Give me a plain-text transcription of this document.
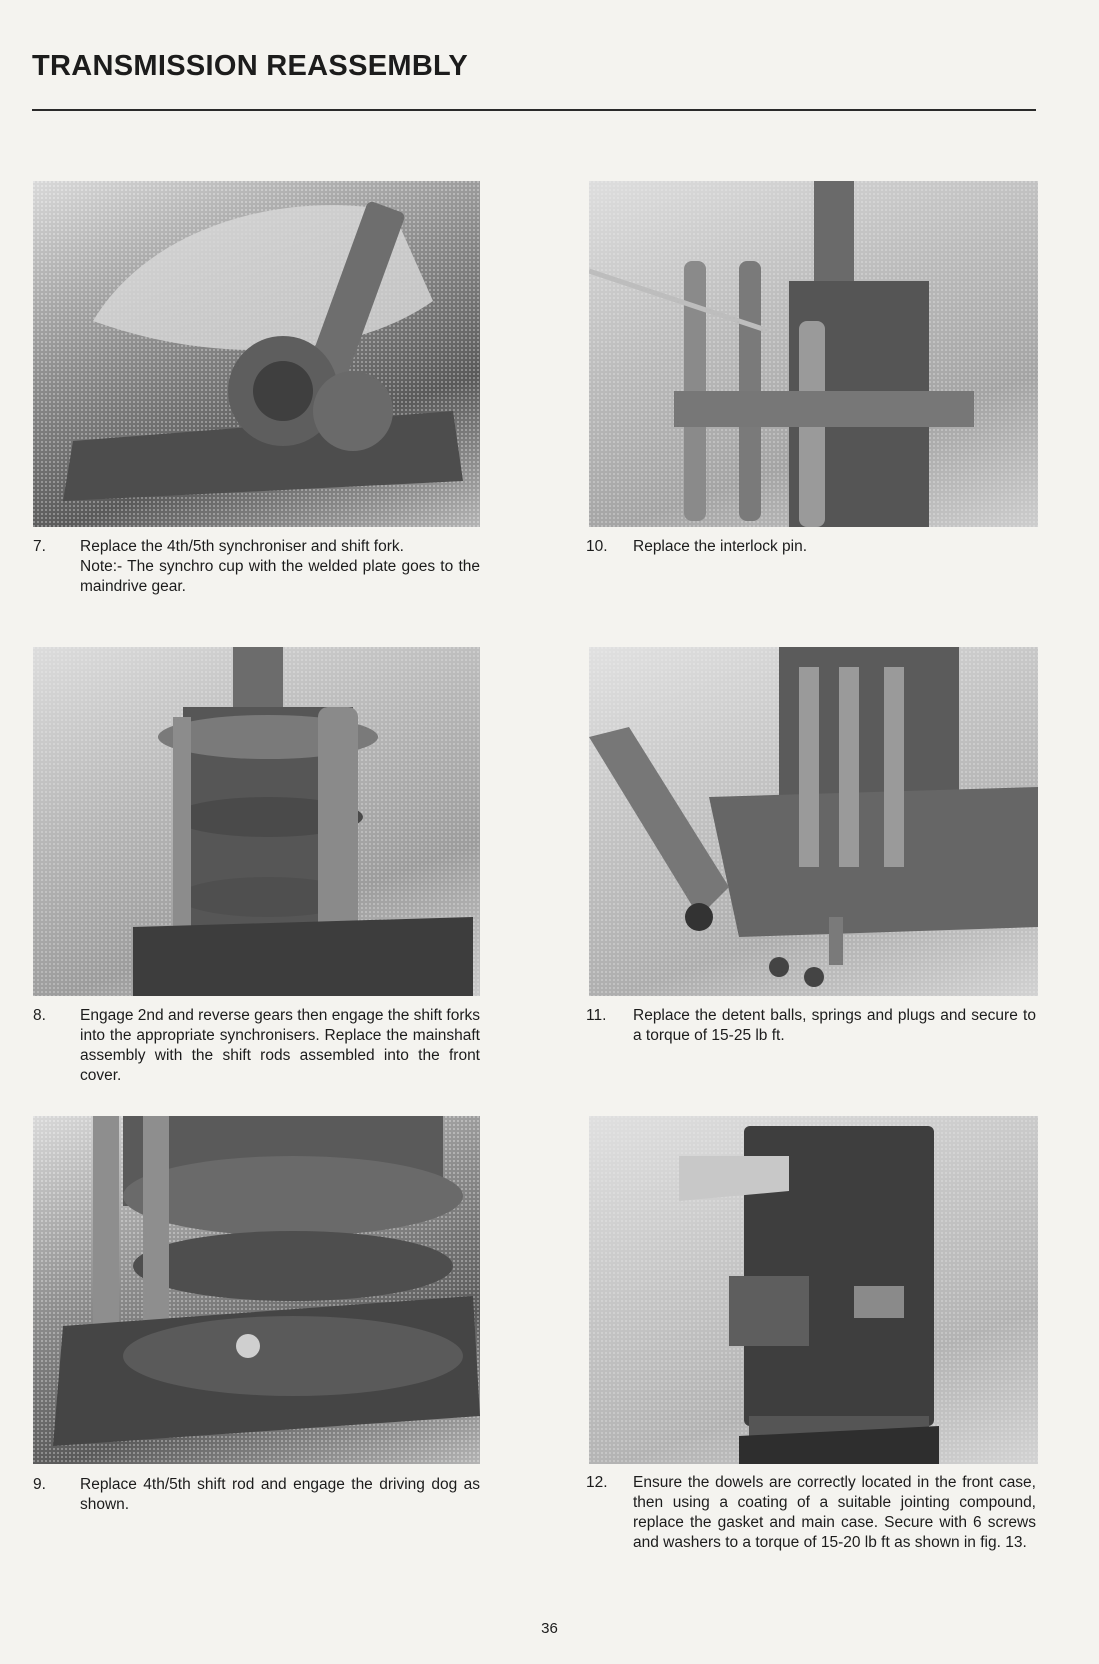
TRANSMISSION REASSEMBLY
7.	Replace the 4th/5th synchroniser and shift fork.

Note:- The synchro cup with the welded plate goes to the maindrive gear.

10.	Replace the interlock pin.

8.	Engage 2nd and reverse gears then engage the shift forks into the appropriate synchronisers. Replace the mainshaft assembly with the shift rods assembled into the front cover.

11.	Replace the detent balls, springs and plugs and secure to a torque of 15-25 lb ft.

9.	Replace 4th/5th shift rod and engage the driving dog as shown.

12.	Ensure the dowels are correctly located in the front case, then using a coating of a suitable jointing compound, replace the gasket and main case. Secure with 6 screws and washers to a torque of 15-20 lb ft as shown in fig. 13.

36
